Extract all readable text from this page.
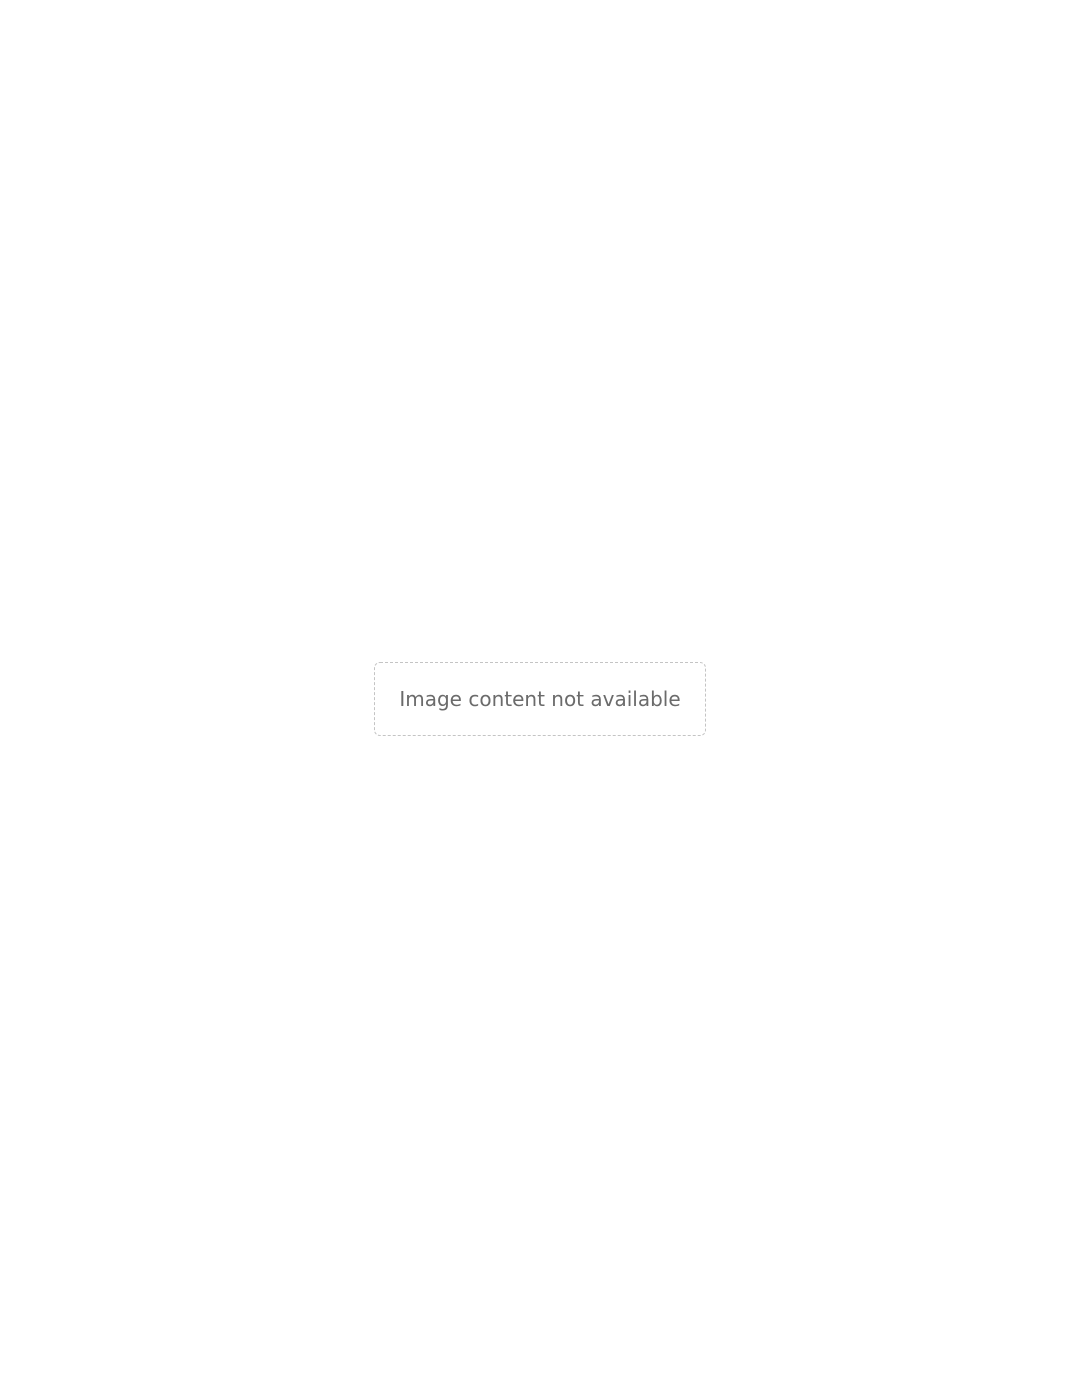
Image content not available
